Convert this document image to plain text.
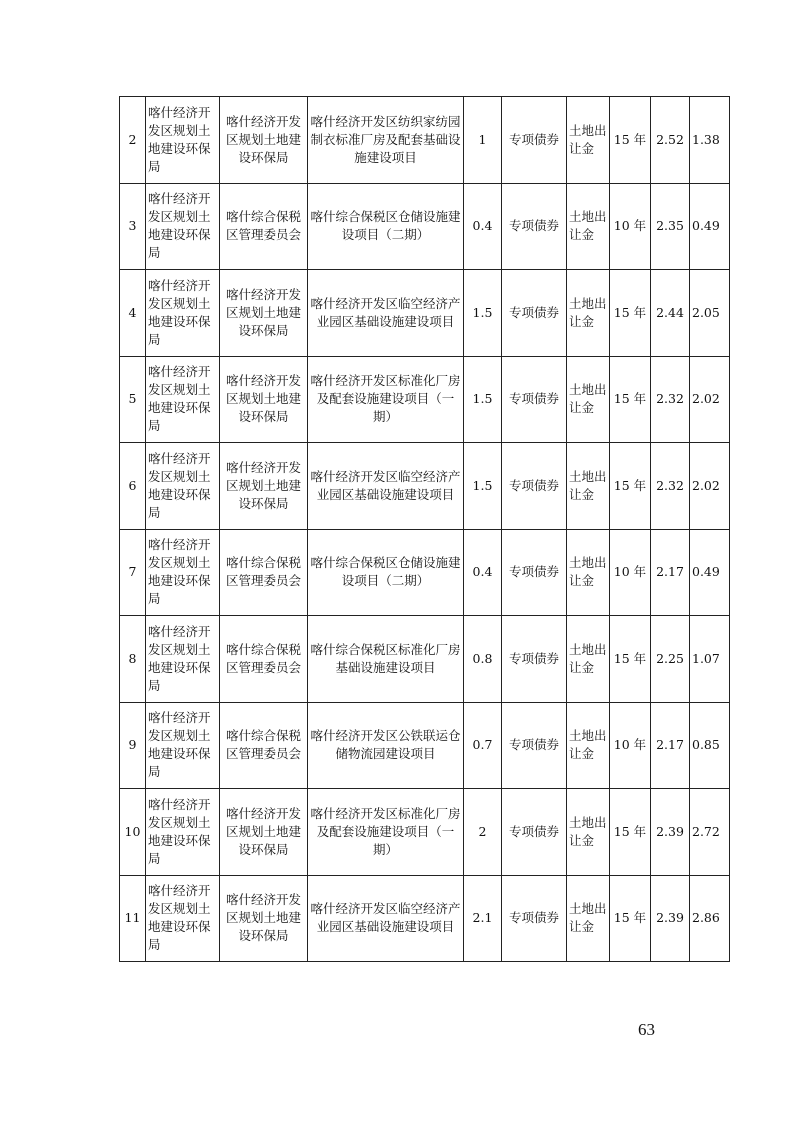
2	喀什经济开发区规划土地建设环保局	喀什经济开发区规划土地建设环保局	喀什经济开发区纺织家纺园制衣标准厂房及配套基础设施建设项目	1	专项债券	土地出让金	15 年	2.52	1.38
3	喀什经济开发区规划土地建设环保局	喀什综合保税区管理委员会	喀什综合保税区仓储设施建设项目（二期）	0.4	专项债券	土地出让金	10 年	2.35	0.49
4	喀什经济开发区规划土地建设环保局	喀什经济开发区规划土地建设环保局	喀什经济开发区临空经济产业园区基础设施建设项目	1.5	专项债券	土地出让金	15 年	2.44	2.05
5	喀什经济开发区规划土地建设环保局	喀什经济开发区规划土地建设环保局	喀什经济开发区标准化厂房及配套设施建设项目（一期）	1.5	专项债券	土地出让金	15 年	2.32	2.02
6	喀什经济开发区规划土地建设环保局	喀什经济开发区规划土地建设环保局	喀什经济开发区临空经济产业园区基础设施建设项目	1.5	专项债券	土地出让金	15 年	2.32	2.02
7	喀什经济开发区规划土地建设环保局	喀什综合保税区管理委员会	喀什综合保税区仓储设施建设项目（二期）	0.4	专项债券	土地出让金	10 年	2.17	0.49
8	喀什经济开发区规划土地建设环保局	喀什综合保税区管理委员会	喀什综合保税区标准化厂房基础设施建设项目	0.8	专项债券	土地出让金	15 年	2.25	1.07
9	喀什经济开发区规划土地建设环保局	喀什综合保税区管理委员会	喀什经济开发区公铁联运仓储物流园建设项目	0.7	专项债券	土地出让金	10 年	2.17	0.85
10	喀什经济开发区规划土地建设环保局	喀什经济开发区规划土地建设环保局	喀什经济开发区标准化厂房及配套设施建设项目（一期）	2	专项债券	土地出让金	15 年	2.39	2.72
11	喀什经济开发区规划土地建设环保局	喀什经济开发区规划土地建设环保局	喀什经济开发区临空经济产业园区基础设施建设项目	2.1	专项债券	土地出让金	15 年	2.39	2.86
63
